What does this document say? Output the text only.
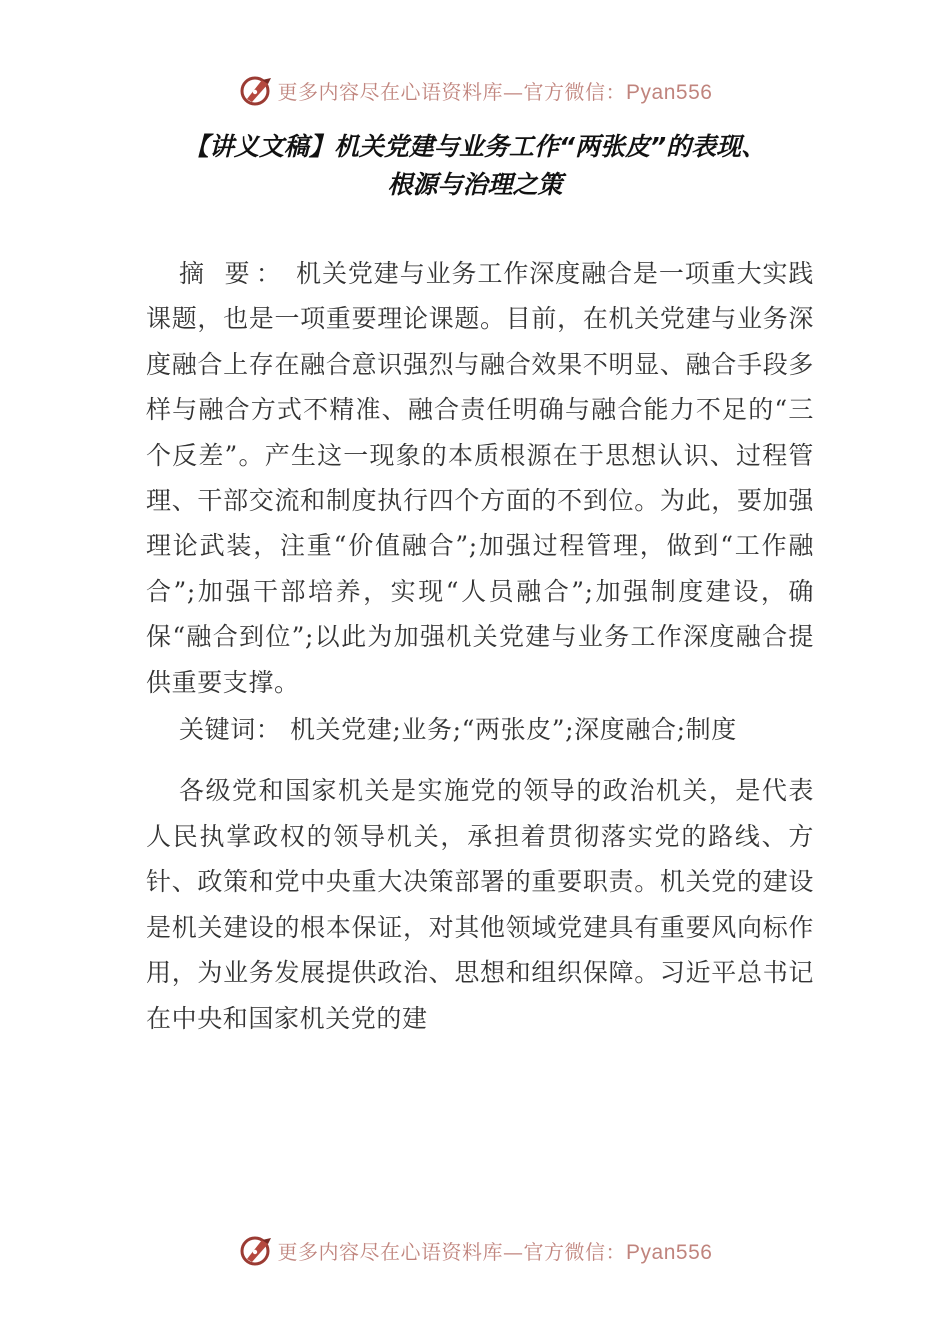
更多内容尽在心语资料库—官方微信：Pyan556
【讲义文稿】机关党建与业务工作“两张皮”的表现、
根源与治理之策

摘 要： 机关党建与业务工作深度融合是一项重大实践课题，也是一项重要理论课题。目前，在机关党建与业务深度融合上存在融合意识强烈与融合效果不明显、融合手段多样与融合方式不精准、融合责任明确与融合能力不足的“三个反差”。产生这一现象的本质根源在于思想认识、过程管理、干部交流和制度执行四个方面的不到位。为此，要加强理论武装，注重“价值融合”;加强过程管理，做到“工作融合”;加强干部培养，实现“人员融合”;加强制度建设，确保“融合到位”;以此为加强机关党建与业务工作深度融合提供重要支撑。

关键词： 机关党建;业务;“两张皮”;深度融合;制度

各级党和国家机关是实施党的领导的政治机关，是代表人民执掌政权的领导机关，承担着贯彻落实党的路线、方针、政策和党中央重大决策部署的重要职责。机关党的建设是机关建设的根本保证，对其他领域党建具有重要风向标作用，为业务发展提供政治、思想和组织保障。习近平总书记在中央和国家机关党的建

更多内容尽在心语资料库—官方微信：Pyan556
